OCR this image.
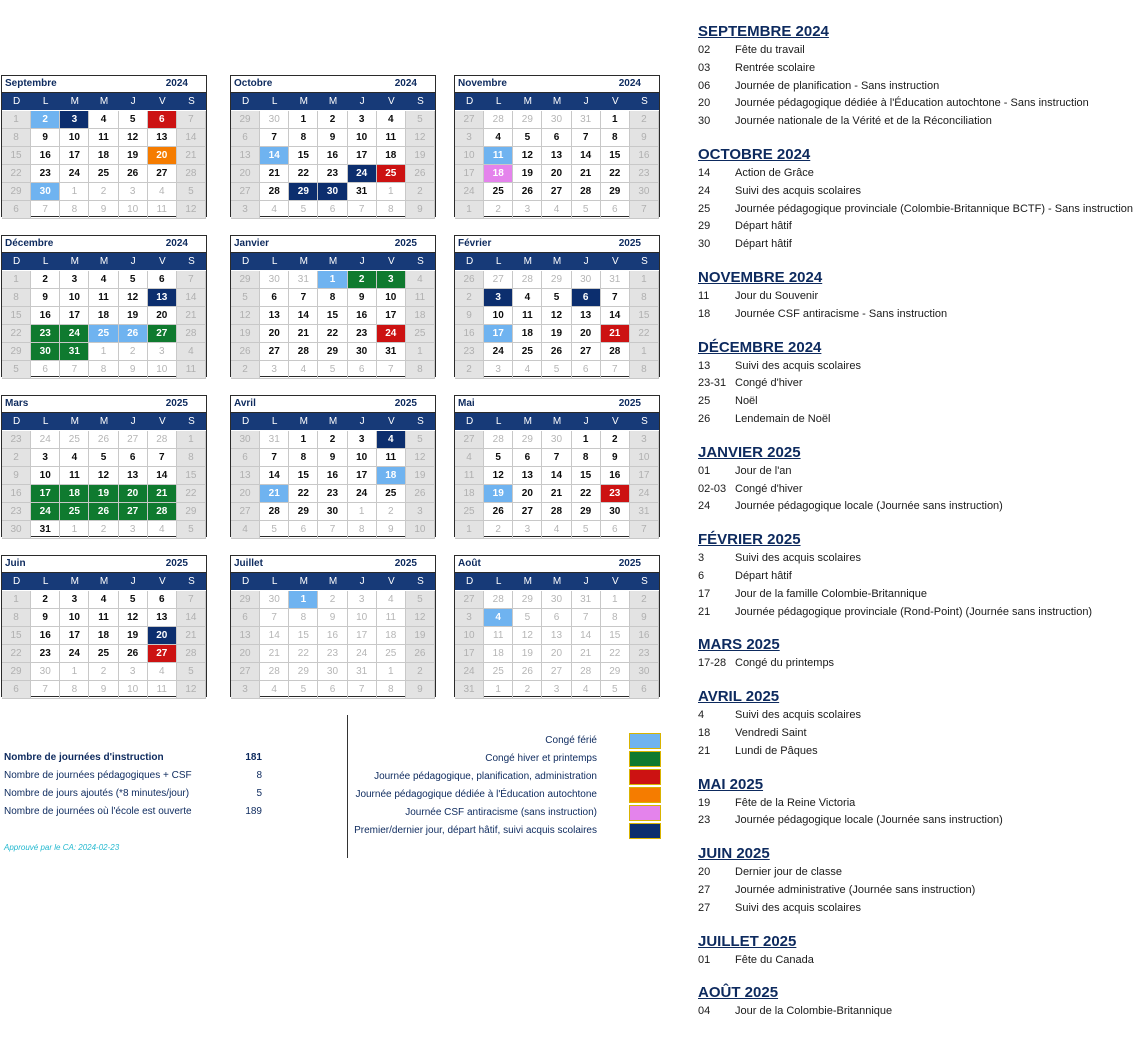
Septembre	2024
D	L	M	M	J	V	S
1	2	3	4	5	6	7
8	9	10	11	12	13	14
15	16	17	18	19	20	21
22	23	24	25	26	27	28
29	30	1	2	3	4	5
6	7	8	9	10	11	12
Octobre	2024
D	L	M	M	J	V	S
29	30	1	2	3	4	5
6	7	8	9	10	11	12
13	14	15	16	17	18	19
20	21	22	23	24	25	26
27	28	29	30	31	1	2
3	4	5	6	7	8	9
Novembre	2024
D	L	M	M	J	V	S
27	28	29	30	31	1	2
3	4	5	6	7	8	9
10	11	12	13	14	15	16
17	18	19	20	21	22	23
24	25	26	27	28	29	30
1	2	3	4	5	6	7
Décembre	2024
D	L	M	M	J	V	S
1	2	3	4	5	6	7
8	9	10	11	12	13	14
15	16	17	18	19	20	21
22	23	24	25	26	27	28
29	30	31	1	2	3	4
5	6	7	8	9	10	11
Janvier	2025
D	L	M	M	J	V	S
29	30	31	1	2	3	4
5	6	7	8	9	10	11
12	13	14	15	16	17	18
19	20	21	22	23	24	25
26	27	28	29	30	31	1
2	3	4	5	6	7	8
Février	2025
D	L	M	M	J	V	S
26	27	28	29	30	31	1
2	3	4	5	6	7	8
9	10	11	12	13	14	15
16	17	18	19	20	21	22
23	24	25	26	27	28	1
2	3	4	5	6	7	8
Mars	2025
D	L	M	M	J	V	S
23	24	25	26	27	28	1
2	3	4	5	6	7	8
9	10	11	12	13	14	15
16	17	18	19	20	21	22
23	24	25	26	27	28	29
30	31	1	2	3	4	5
Avril	2025
D	L	M	M	J	V	S
30	31	1	2	3	4	5
6	7	8	9	10	11	12
13	14	15	16	17	18	19
20	21	22	23	24	25	26
27	28	29	30	1	2	3
4	5	6	7	8	9	10
Mai	2025
D	L	M	M	J	V	S
27	28	29	30	1	2	3
4	5	6	7	8	9	10
11	12	13	14	15	16	17
18	19	20	21	22	23	24
25	26	27	28	29	30	31
1	2	3	4	5	6	7
Juin	2025
D	L	M	M	J	V	S
1	2	3	4	5	6	7
8	9	10	11	12	13	14
15	16	17	18	19	20	21
22	23	24	25	26	27	28
29	30	1	2	3	4	5
6	7	8	9	10	11	12
Juillet	2025
D	L	M	M	J	V	S
29	30	1	2	3	4	5
6	7	8	9	10	11	12
13	14	15	16	17	18	19
20	21	22	23	24	25	26
27	28	29	30	31	1	2
3	4	5	6	7	8	9
Août	2025
D	L	M	M	J	V	S
27	28	29	30	31	1	2
3	4	5	6	7	8	9
10	11	12	13	14	15	16
17	18	19	20	21	22	23
24	25	26	27	28	29	30
31	1	2	3	4	5	6
Nombre de journées d'instruction	181
Nombre de journées pédagogiques + CSF	8
Nombre de jours ajoutés (*8 minutes/jour)	5
Nombre de journées où l'école est ouverte	189
Approuvé par le CA: 2024-02-23
Congé férié
Congé hiver et printemps
Journée pédagogique, planification, administration
Journée pédagogique dédiée à l'Éducation autochtone
Journée CSF antiracisme (sans instruction)
Premier/dernier jour, départ hâtif, suivi acquis scolaires
SEPTEMBRE 2024
02 Fête du travail
03 Rentrée scolaire
06 Journée de planification - Sans instruction
20 Journée pédagogique dédiée à l'Éducation autochtone - Sans instruction
30 Journée nationale de la Vérité et de la Réconciliation
OCTOBRE 2024
14 Action de Grâce
24 Suivi des acquis scolaires
25 Journée pédagogique provinciale (Colombie-Britannique BCTF) - Sans instruction
29 Départ hâtif
30 Départ hâtif
NOVEMBRE 2024
11 Jour du Souvenir
18 Journée CSF antiracisme - Sans instruction
DÉCEMBRE 2024
13 Suivi des acquis scolaires
23-31 Congé d'hiver
25 Noël
26 Lendemain de Noël
JANVIER 2025
01 Jour de l'an
02-03 Congé d'hiver
24 Journée pédagogique locale (Journée sans instruction)
FÉVRIER 2025
3	Suivi des acquis scolaires
6	Départ hâtif
17 Jour de la famille Colombie-Britannique
21 Journée pédagogique provinciale (Rond-Point) (Journée sans instruction)
MARS 2025
17-28 Congé du printemps
AVRIL 2025
4	Suivi des acquis scolaires
18 Vendredi Saint
21 Lundi de Pâques
MAI 2025
19 Fête de la Reine Victoria
23 Journée pédagogique locale (Journée sans instruction)
JUIN 2025
20 Dernier jour de classe
27 Journée administrative (Journée sans instruction)
27 Suivi des acquis scolaires
JUILLET 2025
01 Fête du Canada
AOÛT 2025
04 Jour de la Colombie-Britannique
